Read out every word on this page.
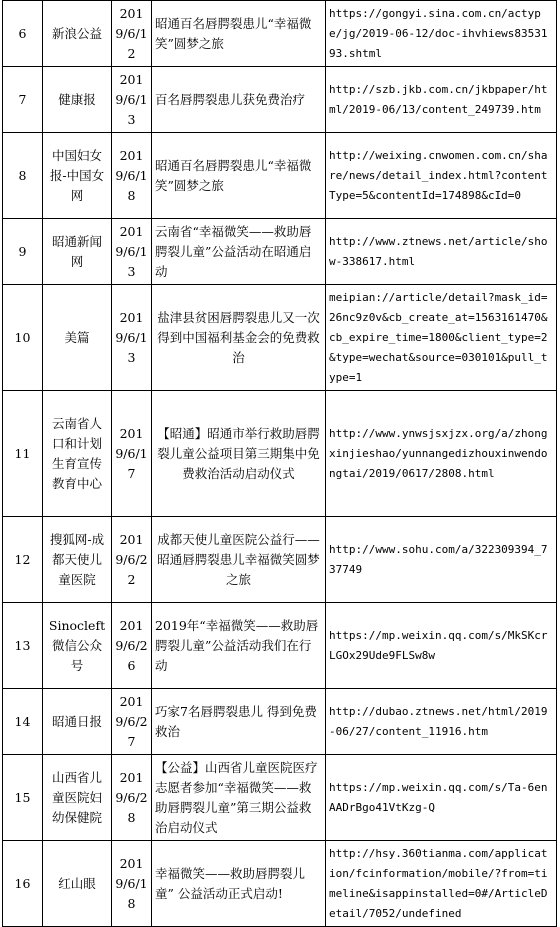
6	新浪公益	2019/6/12	昭通百名唇腭裂患儿“幸福微笑”圆梦之旅	https://gongyi.sina.com.cn/actype/jg/2019-06-12/doc-ihvhiews8353193.shtml
7	健康报	2019/6/13	百名唇腭裂患儿获免费治疗	http://szb.jkb.com.cn/jkbpaper/html/2019-06/13/content_249739.htm
8	中国妇女报-中国女网	2019/6/18	昭通百名唇腭裂患儿“幸福微笑”圆梦之旅	http://weixing.cnwomen.com.cn/share/news/detail_index.html?contentType=5&contentId=174898&cId=0
9	昭通新闻网	2019/6/13	云南省“幸福微笑——救助唇腭裂儿童”公益活动在昭通启动	http://www.ztnews.net/article/show-338617.html
10	美篇	2019/6/13	盐津县贫困唇腭裂患儿又一次得到中国福利基金会的免费救治	meipian://article/detail?mask_id=26nc9z0v&cb_create_at=1563161470&cb_expire_time=1800&client_type=2&type=wechat&source=030101&pull_type=1
11	云南省人口和计划生育宣传教育中心	2019/6/17	【昭通】昭通市举行救助唇腭裂儿童公益项目第三期集中免费救治活动启动仪式	http://www.ynwsjsxjzx.org/a/zhongxinjieshao/yunnangedizhouxinwendongtai/2019/0617/2808.html
12	搜狐网-成都天使儿童医院	2019/6/22	成都天使儿童医院公益行——昭通唇腭裂患儿幸福微笑圆梦之旅	http://www.sohu.com/a/322309394_737749
13	Sinocleft微信公众号	2019/6/26	2019年“幸福微笑——救助唇腭裂儿童”公益活动我们在行动	https://mp.weixin.qq.com/s/MkSKcrLGOx29Ude9FLSw8w
14	昭通日报	2019/6/27	巧家7名唇腭裂患儿 得到免费救治	http://dubao.ztnews.net/html/2019-06/27/content_11916.htm
15	山西省儿童医院妇幼保健院	2019/6/28	【公益】山西省儿童医院医疗志愿者参加“幸福微笑——救助唇腭裂儿童”第三期公益救治启动仪式	https://mp.weixin.qq.com/s/Ta-6enAADrBgo41VtKzg-Q
16	红山眼	2019/6/18	幸福微笑——救助唇腭裂儿童” 公益活动正式启动!	http://hsy.360tianma.com/application/fcinformation/mobile/?from=timeline&isappinstalled=0#/ArticleDetail/7052/undefined
